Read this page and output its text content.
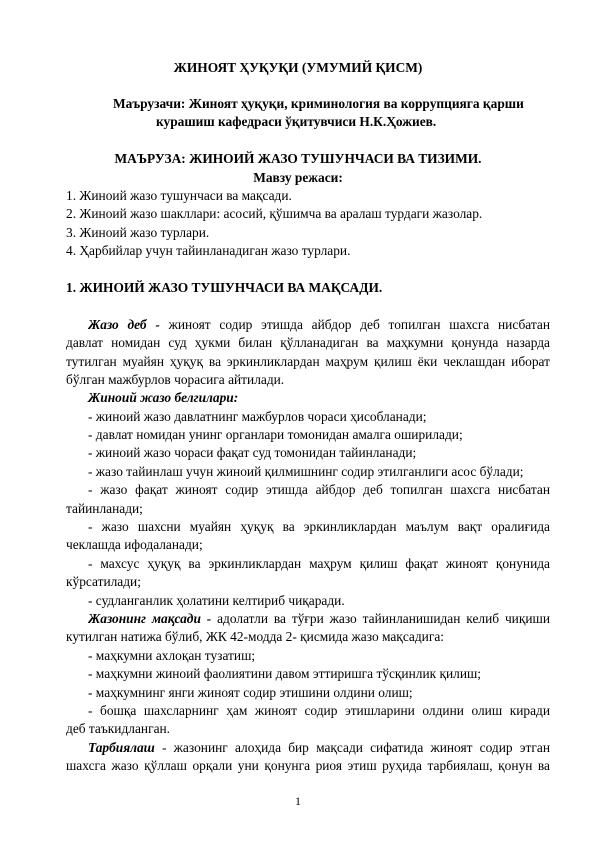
ЖИНОЯТ ҲУҚУҚИ (УМУМИЙ ҚИСМ)
Маърузачи: Жиноят ҳуқуқи, криминология ва коррупцияга қарши
курашиш кафедраси ўқитувчиси Н.К.Ҳожиев.
МАЪРУЗА: ЖИНОИЙ ЖАЗО ТУШУНЧАСИ ВА ТИЗИМИ.
Мавзу режаси:
1. Жиноий жазо тушунчаси ва мақсади.
2. Жиноий жазо шакллари: асосий, қўшимча ва аралаш турдаги жазолар.
3. Жиноий жазо турлари.
4. Ҳарбийлар учун тайинланадиган жазо турлари.
1. ЖИНОИЙ ЖАЗО ТУШУНЧАСИ ВА МАҚСАДИ.
Жазо деб - жиноят содир этишда айбдор деб топилган шахсга нисбатан
давлат номидан суд ҳукми билан қўлланадиган ва маҳкумни қонунда назарда
тутилган муайян ҳуқуқ ва эркинликлардан маҳрум қилиш ёки чеклашдан иборат
бўлган мажбурлов чорасига айтилади.
Жиноий жазо белгилари:
- жиноий жазо давлатнинг мажбурлов чораси ҳисобланади;
- давлат номидан унинг органлари томонидан амалга оширилади;
- жиноий жазо чораси фақат суд томонидан тайинланади;
- жазо тайинлаш учун жиноий қилмишнинг содир этилганлиги асос бўлади;
- жазо фақат жиноят содир этишда айбдор деб топилган шахсга нисбатан
тайинланади;
- жазо шахсни муайян ҳуқуқ ва эркинликлардан маълум вақт оралиғида
чеклашда ифодаланади;
- махсус ҳуқуқ ва эркинликлардан маҳрум қилиш фақат жиноят қонунида
кўрсатилади;
- судланганлик ҳолатини келтириб чиқаради.
Жазонинг мақсади - адолатли ва тўғри жазо тайинланишидан келиб чиқиши
кутилган натижа бўлиб, ЖК 42-модда 2- қисмида жазо мақсадига:
- маҳкумни ахлоқан тузатиш;
- маҳкумни жиноий фаолиятини давом эттиришга тўсқинлик қилиш;
- маҳкумнинг янги жиноят содир этишини олдини олиш;
- бошқа шахсларнинг ҳам жиноят содир этишларини олдини олиш киради
деб таъкидланган.
Тарбиялаш - жазонинг алоҳида бир мақсади сифатида жиноят содир этган
шахсга жазо қўллаш орқали уни қонунга риоя этиш руҳида тарбиялаш, қонун ва
1
